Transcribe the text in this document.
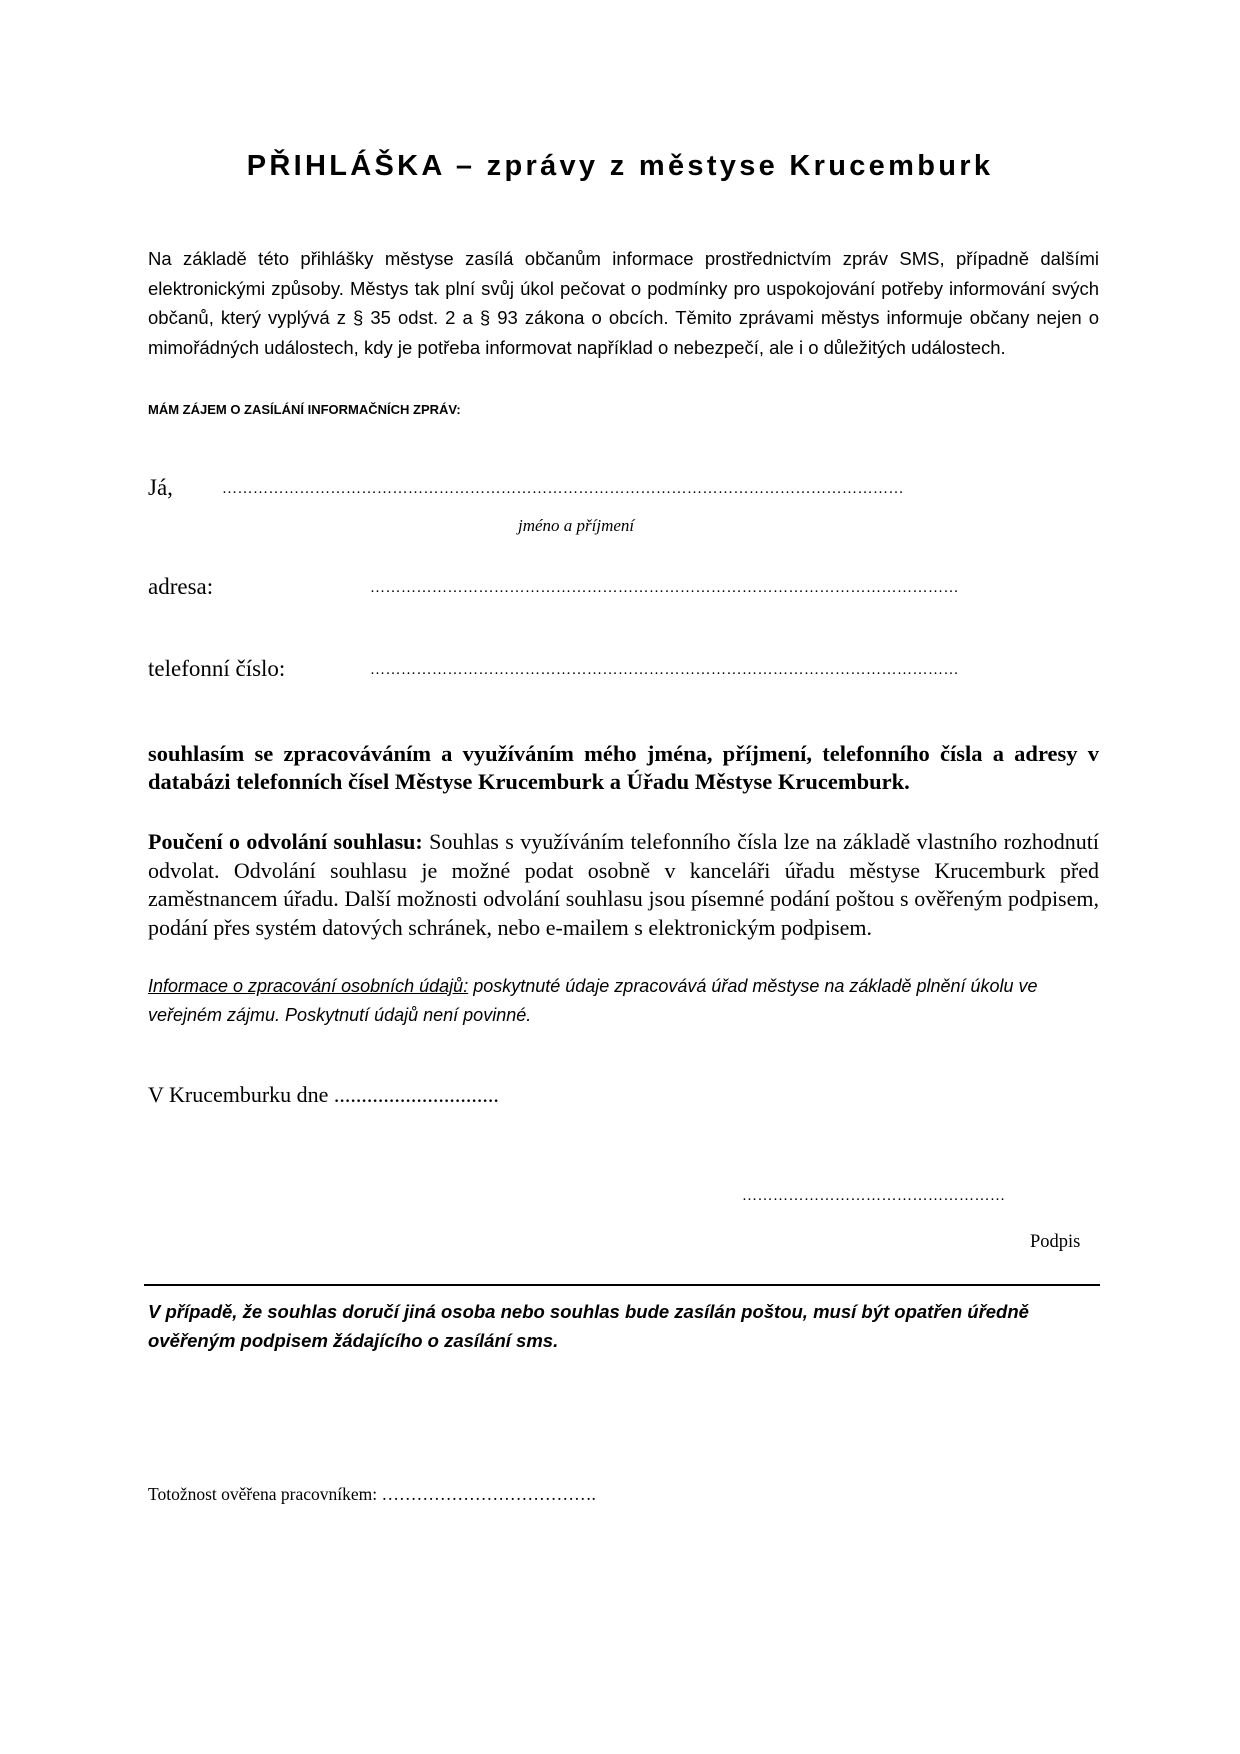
PŘIHLÁŠKA – zprávy z městyse Krucemburk
Na základě této přihlášky městyse zasílá občanům informace prostřednictvím zpráv SMS, případně dalšími elektronickými způsoby. Městys tak plní svůj úkol pečovat o podmínky pro uspokojování potřeby informování svých občanů, který vyplývá z § 35 odst. 2 a § 93 zákona o obcích. Těmito zprávami městys informuje občany nejen o mimořádných událostech, kdy je potřeba informovat například o nebezpečí, ale i o důležitých událostech.
MÁM ZÁJEM O ZASÍLÁNÍ INFORMAČNÍCH ZPRÁV:
Já,	……………………………………………………………………………………………………………………
jméno a příjmení
adresa:	……………………………………………………………………………………………………
telefonní číslo:	……………………………………………………………………………………………………
souhlasím se zpracováváním a využíváním mého jména, příjmení, telefonního čísla a adresy v databázi telefonních čísel Městyse Krucemburk a Úřadu Městyse Krucemburk.
Poučení o odvolání souhlasu: Souhlas s využíváním telefonního čísla lze na základě vlastního rozhodnutí odvolat. Odvolání souhlasu je možné podat osobně v kanceláři úřadu městyse Krucemburk před zaměstnancem úřadu. Další možnosti odvolání souhlasu jsou písemné podání poštou s ověřeným podpisem, podání přes systém datových schránek, nebo e-mailem s elektronickým podpisem.
Informace o zpracování osobních údajů: poskytnuté údaje zpracovává úřad městyse na základě plnění úkolu ve veřejném zájmu. Poskytnutí údajů není povinné.
V Krucemburku dne ..............................
……………………………………………
Podpis
V případě, že souhlas doručí jiná osoba nebo souhlas bude zasílán poštou, musí být opatřen úředně ověřeným podpisem žádajícího o zasílání sms.
Totožnost ověřena pracovníkem: ……………………………….
